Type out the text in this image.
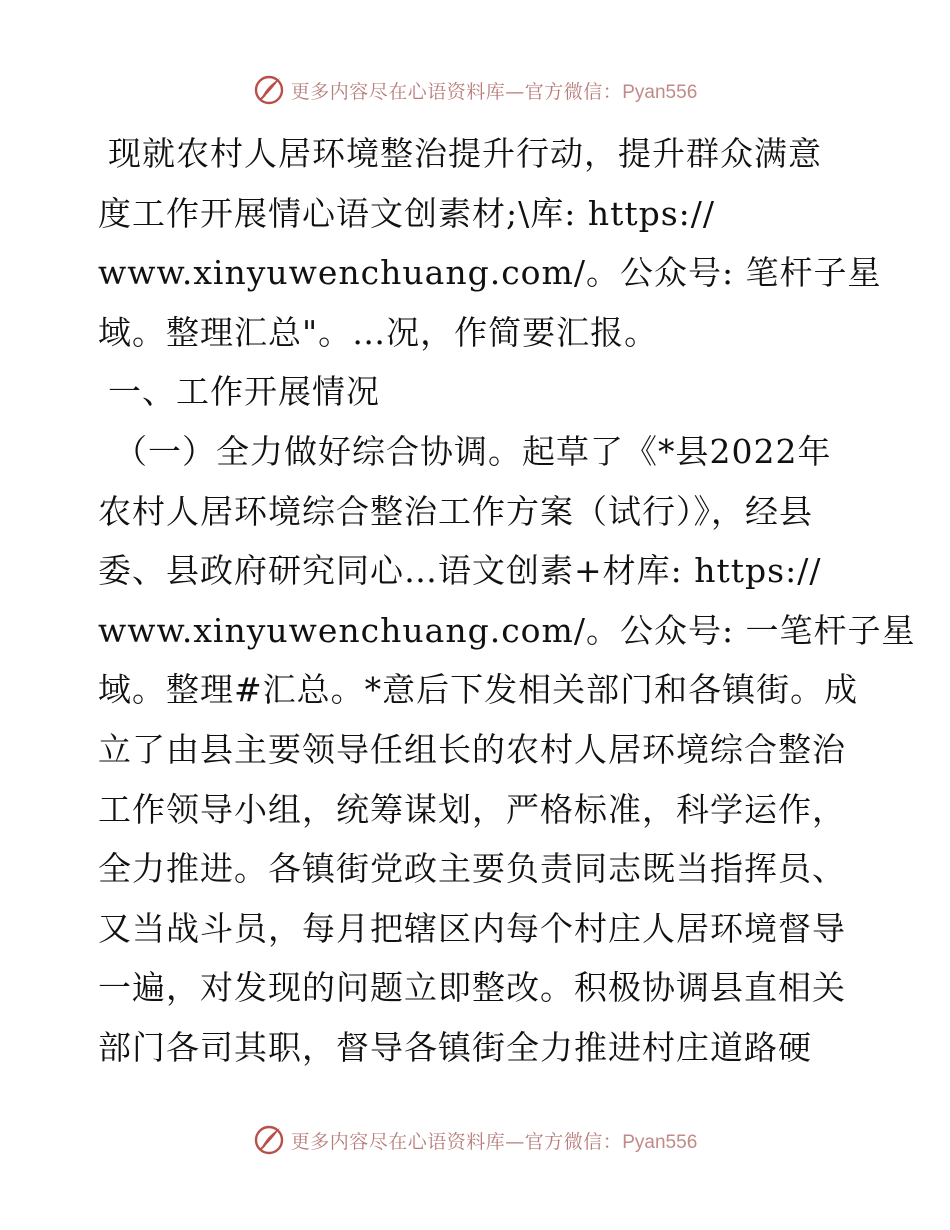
更多内容尽在心语资料库—官方微信：Pyan556
现就农村人居环境整治提升行动，提升群众满意
度工作开展情心语文创素材;\库: https://
www.xinyuwenchuang.com/。公众号: 笔杆子星
域。整理汇总"。…况，作简要汇报。
一、工作开展情况
（一）全力做好综合协调。起草了《*县2022年
农村人居环境综合整治工作方案（试行）》，经县
委、县政府研究同心…语文创素+材库: https://
www.xinyuwenchuang.com/。公众号: 一笔杆子星
域。整理#汇总。*意后下发相关部门和各镇街。成
立了由县主要领导任组长的农村人居环境综合整治
工作领导小组，统筹谋划，严格标准，科学运作，
全力推进。各镇街党政主要负责同志既当指挥员、
又当战斗员，每月把辖区内每个村庄人居环境督导
一遍，对发现的问题立即整改。积极协调县直相关
部门各司其职，督导各镇街全力推进村庄道路硬
更多内容尽在心语资料库—官方微信：Pyan556
